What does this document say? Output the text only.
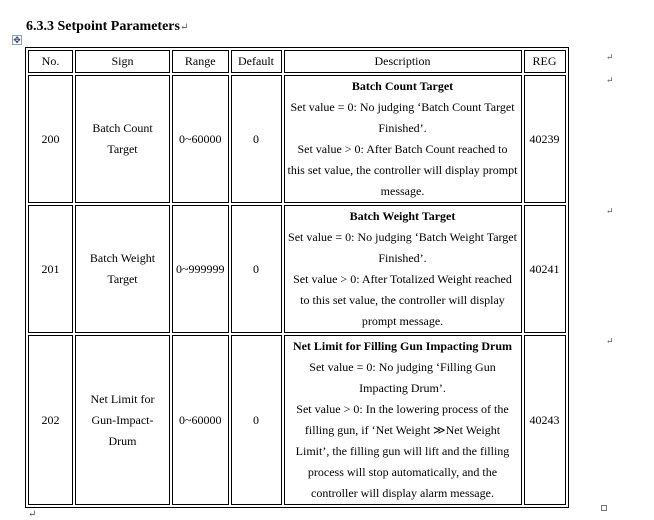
6.3.3 Setpoint Parameters↵
✥
No.	Sign	Range	Default	Description	REG
200	Batch Count Target	0~60000	0	Batch Count Target
Set value = 0: No judging ‘Batch Count Target Finished’.
Set value > 0: After Batch Count reached to this set value, the controller will display prompt message.	40239
201	Batch Weight Target	0~999999	0	Batch Weight Target
Set value = 0: No judging ‘Batch Weight Target Finished’.
Set value > 0: After Totalized Weight reached to this set value, the controller will display prompt message.	40241
202	Net Limit for Gun-Impact-Drum	0~60000	0	Net Limit for Filling Gun Impacting Drum
Set value = 0: No judging ‘Filling Gun Impacting Drum’.
Set value > 0: In the lowering process of the filling gun, if ‘Net Weight ≫Net Weight Limit’, the filling gun will lift and the filling process will stop automatically, and the controller will display alarm message.	40243
↵
↵
↵
↵
↵
